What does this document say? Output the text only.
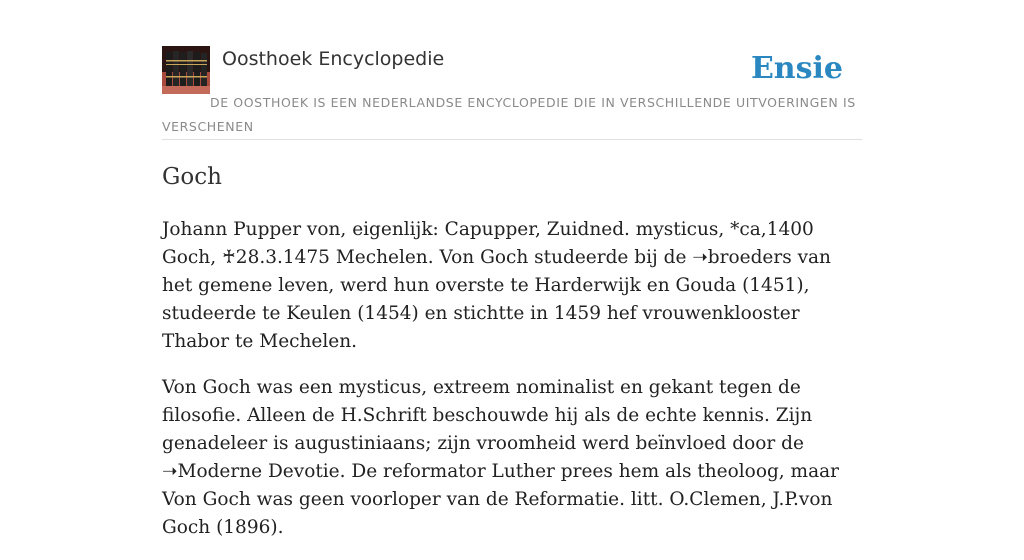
Oosthoek Encyclopedie	Ensie
DE OOSTHOEK IS EEN NEDERLANDSE ENCYCLOPEDIE DIE IN VERSCHILLENDE UITVOERINGEN IS VERSCHENEN
Goch

Johann Pupper von, eigenlijk: Capupper, Zuidned. mysticus, *ca,1400 Goch, ♰28.3.1475 Mechelen. Von Goch studeerde bij de ➝broeders van het gemene leven, werd hun overste te Harderwijk en Gouda (1451), studeerde te Keulen (1454) en stichtte in 1459 hef vrouwenklooster Thabor te Mechelen.

Von Goch was een mysticus, extreem nominalist en gekant tegen de filosofie. Alleen de H.Schrift beschouwde hij als de echte kennis. Zijn genadeleer is augustiniaans; zijn vroomheid werd beïnvloed door de ➝Moderne Devotie. De reformator Luther prees hem als theoloog, maar Von Goch was geen voorloper van de Reformatie. litt. O.Clemen, J.P.von Goch (1896).
